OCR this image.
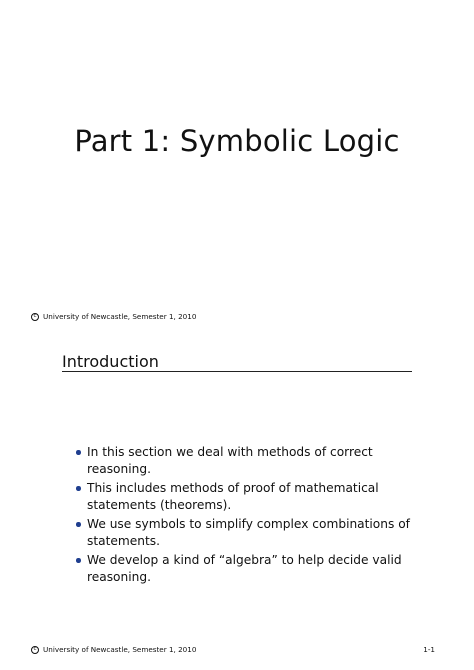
Part 1: Symbolic Logic
c University of Newcastle, Semester 1, 2010
Introduction
In this section we deal with methods of correct reasoning.
This includes methods of proof of mathematical statements (theorems).
We use symbols to simplify complex combinations of statements.
We develop a kind of “algebra” to help decide valid reasoning.
c University of Newcastle, Semester 1, 2010	1-1
